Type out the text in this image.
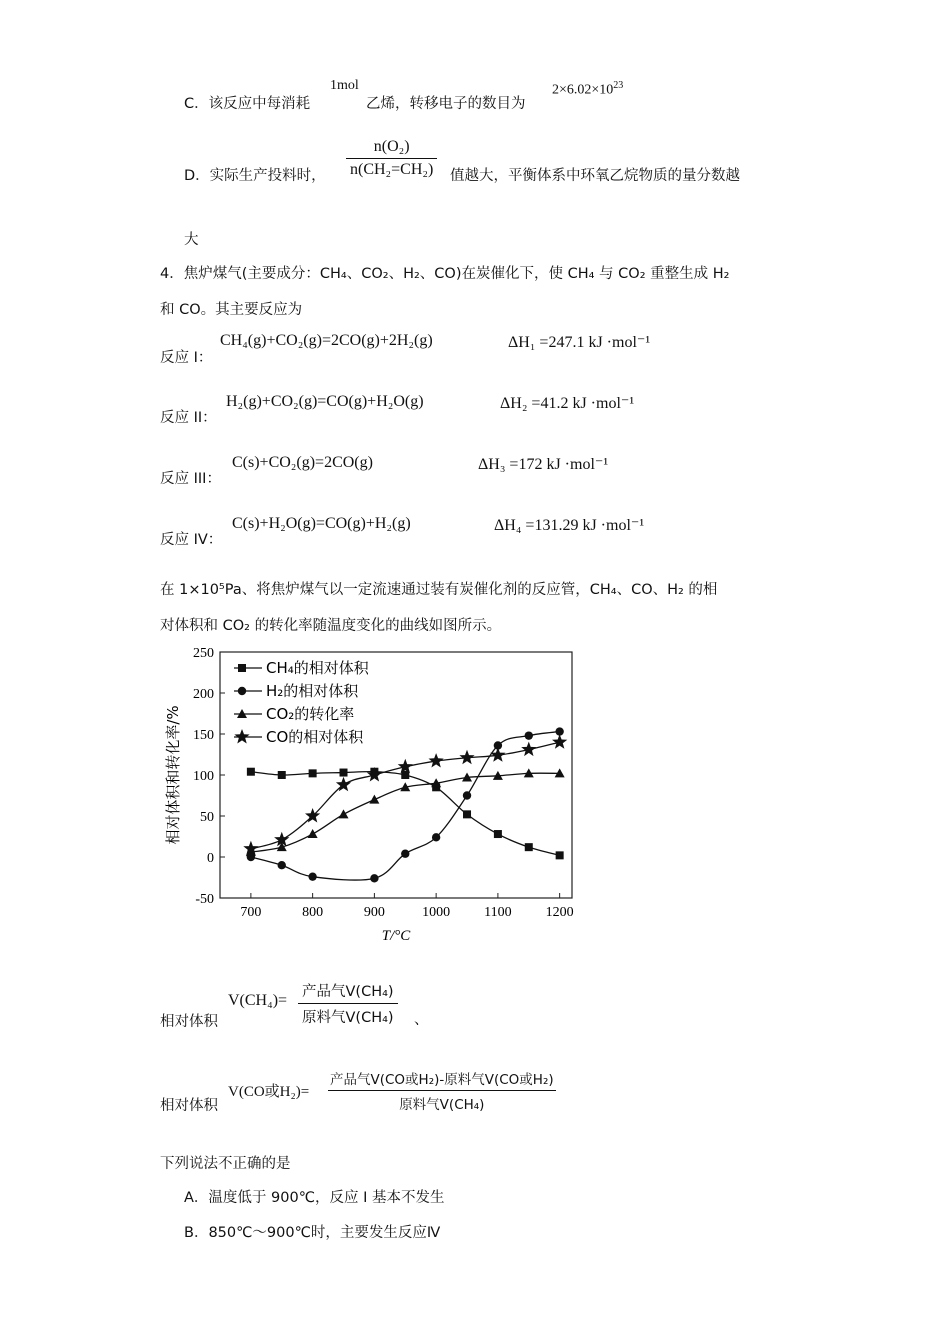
C．该反应中每消耗
1mol
乙烯，转移电子的数目为
$2\times 6.02\times 10^{23}$
D．实际生产投料时， $\frac{\text{n(O₂)}}{\text{n(CH₂=CH₂)}}$ 值越大，平衡体系中环氧乙烷物质的量分数越
大
4．焦炉煤气(主要成分：CH₄、CO₂、H₂、CO)在炭催化下，使 CH₄ 与 CO₂ 重整生成 H₂
和 CO。其主要反应为
反应 I：
CH₄(g)+CO₂(g)=2CO(g)+2H₂(g)	ΔH₁ =247.1 kJ ·mol⁻¹
反应 II：
H₂(g)+CO₂(g)=CO(g)+H₂O(g)	ΔH₂ =41.2 kJ ·mol⁻¹
反应 III：
C(s)+CO₂(g)=2CO(g)	ΔH₃ =172 kJ ·mol⁻¹
反应 IV：
C(s)+H₂O(g)=CO(g)+H₂(g)	ΔH₄ =131.29 kJ ·mol⁻¹
在 1×10⁵Pa、将焦炉煤气以一定流速通过装有炭催化剂的反应管，CH₄、CO、H₂ 的相
对体积和 CO₂ 的转化率随温度变化的曲线如图所示。
700	800	900	1000 1100 1200
-50
0
50
100
150
200
250
T/°C
相对体积和转化率/%
CH₄的相对体积
H₂的相对体积
CO₂的转化率
CO的相对体积
相对体积
$V(CH_4)= \frac{\text{产品气V(CH₄)}}{\text{原料气V(CH₄)}}$ 、
相对体积
V(CO或$H_2)= \frac{\text{产品气V(CO或H₂)-原料气V(CO或H₂)}}{\text{原料气V(CH₄)}}$
下列说法不正确的是
A．温度低于 900℃，反应 I 基本不发生
B．850℃～900℃时，主要发生反应Ⅳ
